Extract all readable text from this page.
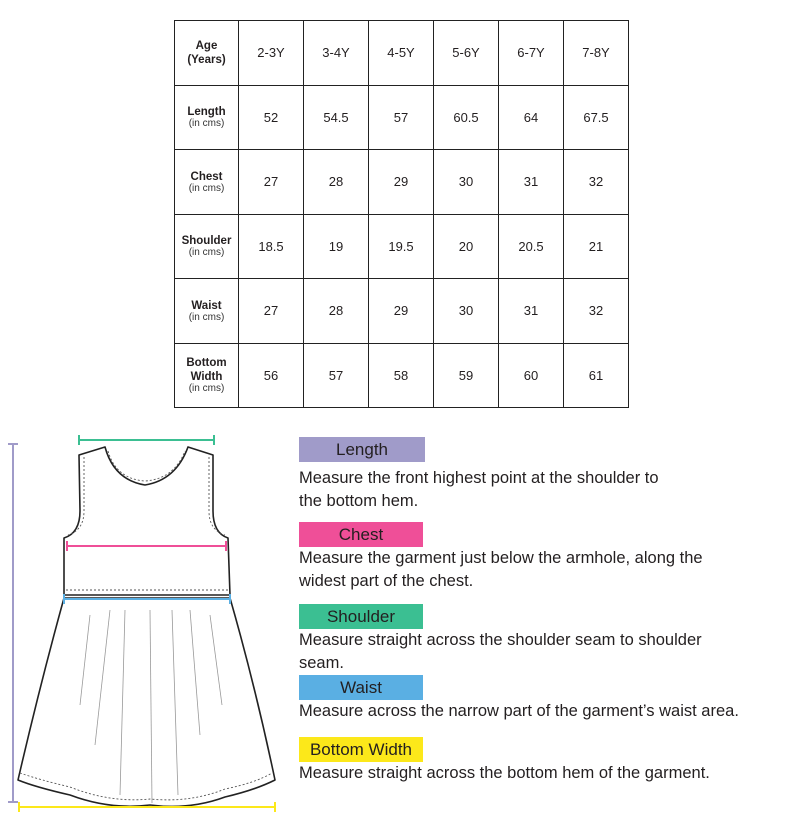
Age
(Years)	2-3Y	3-4Y	4-5Y	5-6Y	6-7Y	7-8Y
Length
(in cms)	52	54.5	57	60.5	64	67.5
Chest
(in cms)	27	28	29	30	31	32
Shoulder
(in cms)	18.5	19	19.5	20	20.5	21
Waist
(in cms)	27	28	29	30	31	32
Bottom
Width
(in cms)	56	57	58	59	60	61
Length

Measure the front highest point at the shoulder to
the bottom hem.

Chest

Measure the garment just below the armhole, along the
widest part of the chest.

Shoulder

Measure straight across the shoulder seam to shoulder
seam.

Waist

Measure across the narrow part of the garment’s waist area.

Bottom Width

Measure straight across the bottom hem of the garment.
